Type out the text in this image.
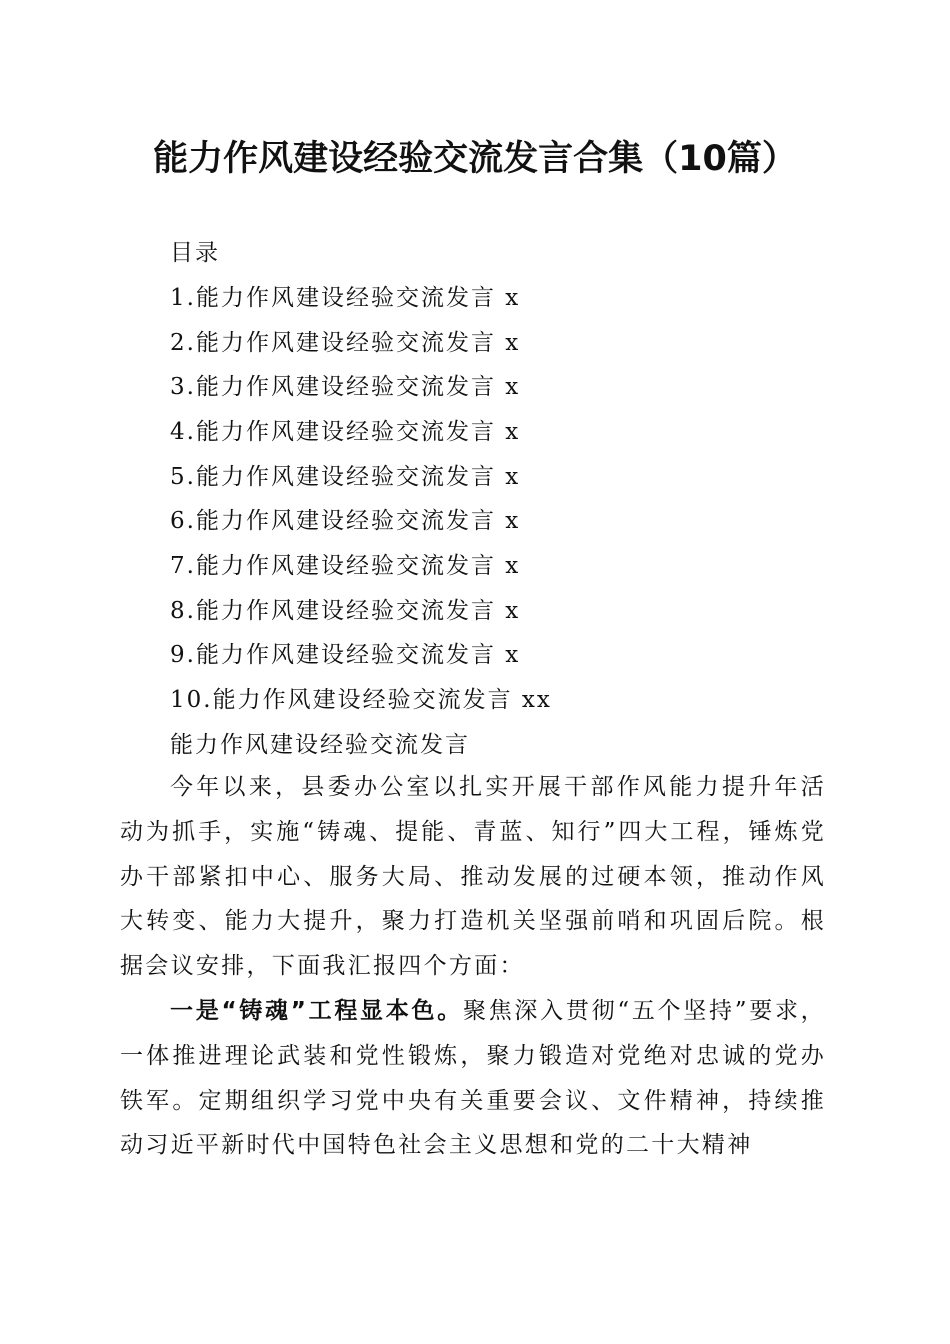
能力作风建设经验交流发言合集（10篇）

目录

1.能力作风建设经验交流发言 x

2.能力作风建设经验交流发言 x

3.能力作风建设经验交流发言 x

4.能力作风建设经验交流发言 x

5.能力作风建设经验交流发言 x

6.能力作风建设经验交流发言 x

7.能力作风建设经验交流发言 x

8.能力作风建设经验交流发言 x

9.能力作风建设经验交流发言 x

10.能力作风建设经验交流发言 xx

能力作风建设经验交流发言

今年以来，县委办公室以扎实开展干部作风能力提升年活动为抓手，实施“铸魂、提能、青蓝、知行”四大工程，锤炼党办干部紧扣中心、服务大局、推动发展的过硬本领，推动作风大转变、能力大提升，聚力打造机关坚强前哨和巩固后院。根据会议安排，下面我汇报四个方面：

一是“铸魂”工程显本色。聚焦深入贯彻“五个坚持”要求，一体推进理论武装和党性锻炼，聚力锻造对党绝对忠诚的党办铁军。定期组织学习党中央有关重要会议、文件精神，持续推动习近平新时代中国特色社会主义思想和党的二十大精神
